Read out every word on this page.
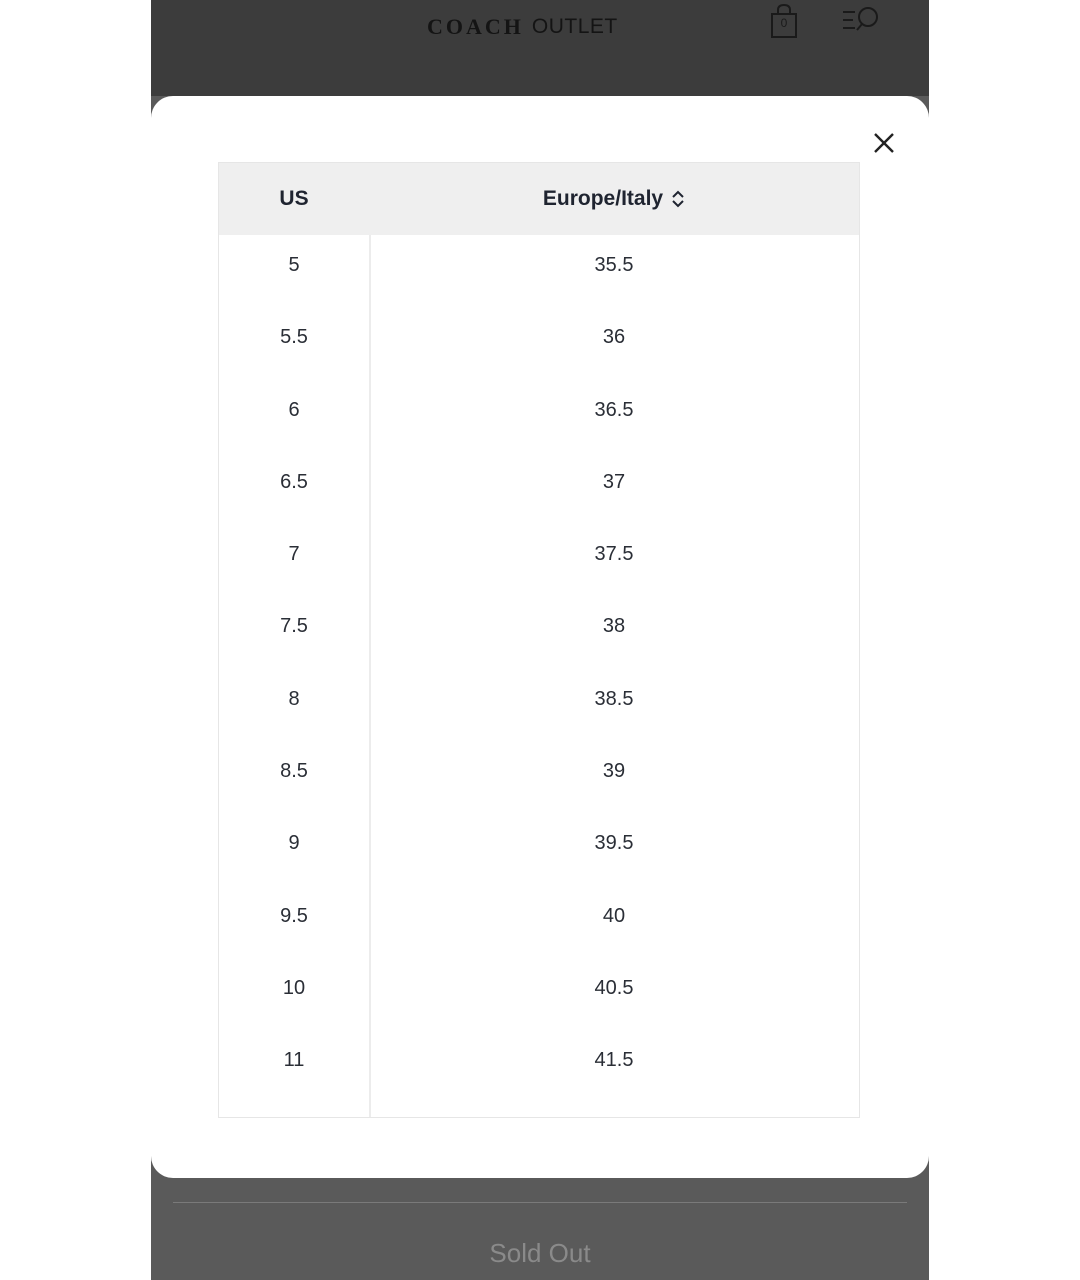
COACH OUTLET	0
US	Europe/Italy
5	35.5
5.5	36
6	36.5
6.5	37
7	37.5
7.5	38
8	38.5
8.5	39
9	39.5
9.5	40
10	40.5
11	41.5
Sold Out
